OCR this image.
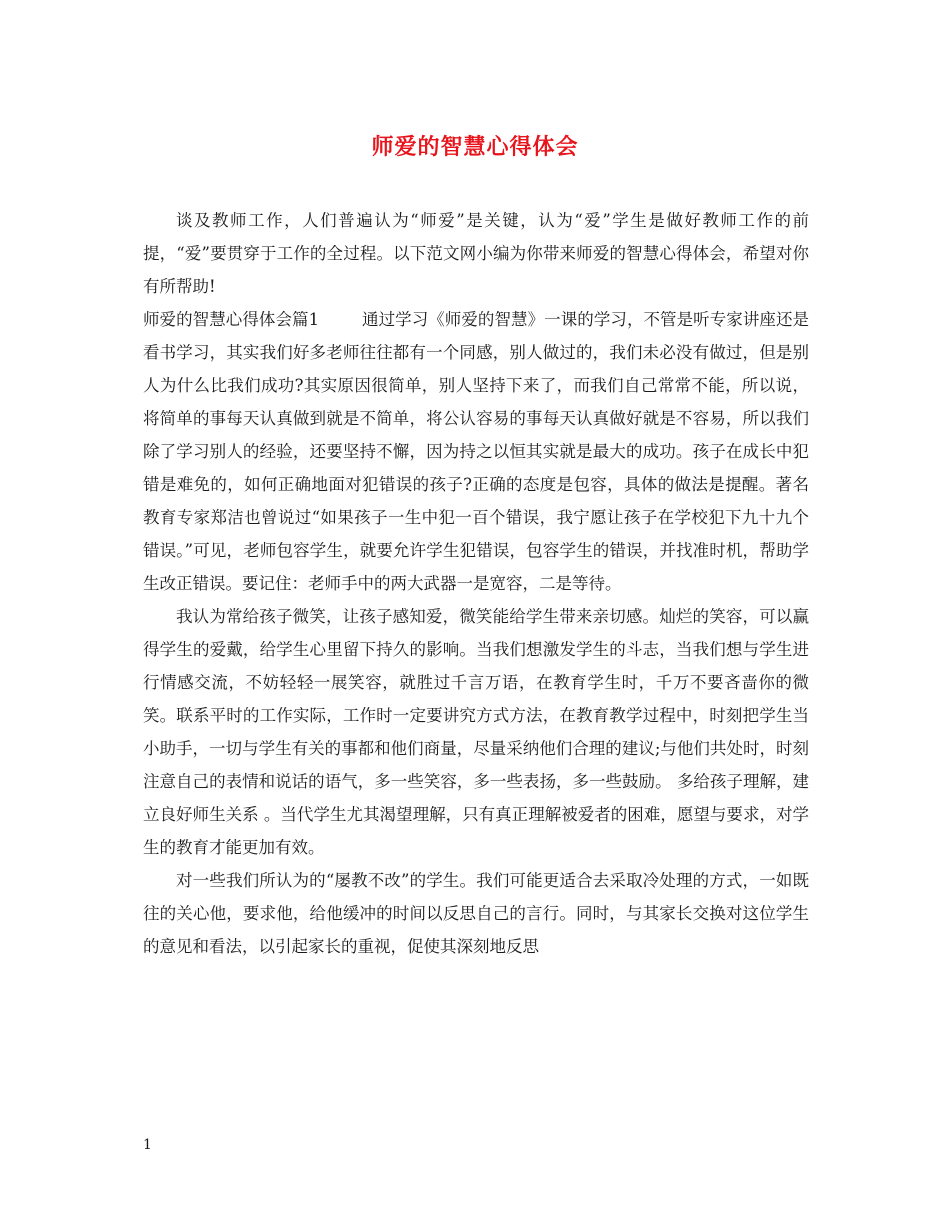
师爱的智慧心得体会

谈及教师工作，人们普遍认为“师爱”是关键，认为“爱”学生是做好教师工作的前提，“爱”要贯穿于工作的全过程。以下范文网小编为你带来师爱的智慧心得体会，希望对你有所帮助!

师爱的智慧心得体会篇1	通过学习《师爱的智慧》一课的学习，不管是听专家讲座还是看书学习，其实我们好多老师往往都有一个同感，别人做过的，我们未必没有做过，但是别人为什么比我们成功?其实原因很简单，别人坚持下来了，而我们自己常常不能，所以说，将简单的事每天认真做到就是不简单，将公认容易的事每天认真做好就是不容易，所以我们除了学习别人的经验，还要坚持不懈，因为持之以恒其实就是最大的成功。孩子在成长中犯错是难免的，如何正确地面对犯错误的孩子?正确的态度是包容，具体的做法是提醒。著名教育专家郑洁也曾说过“如果孩子一生中犯一百个错误，我宁愿让孩子在学校犯下九十九个错误。”可见，老师包容学生，就要允许学生犯错误，包容学生的错误，并找准时机，帮助学生改正错误。要记住：老师手中的两大武器一是宽容，二是等待。

我认为常给孩子微笑，让孩子感知爱，微笑能给学生带来亲切感。灿烂的笑容，可以赢得学生的爱戴，给学生心里留下持久的影响。当我们想激发学生的斗志，当我们想与学生进行情感交流，不妨轻轻一展笑容，就胜过千言万语，在教育学生时，千万不要吝啬你的微笑。联系平时的工作实际，工作时一定要讲究方式方法，在教育教学过程中，时刻把学生当小助手，一切与学生有关的事都和他们商量，尽量采纳他们合理的建议;与他们共处时，时刻注意自己的表情和说话的语气，多一些笑容，多一些表扬，多一些鼓励。 多给孩子理解，建立良好师生关系 。当代学生尤其渴望理解，只有真正理解被爱者的困难，愿望与要求，对学生的教育才能更加有效。

对一些我们所认为的“屡教不改”的学生。我们可能更适合去采取冷处理的方式，一如既往的关心他，要求他，给他缓冲的时间以反思自己的言行。同时，与其家长交换对这位学生的意见和看法，以引起家长的重视，促使其深刻地反思

1
